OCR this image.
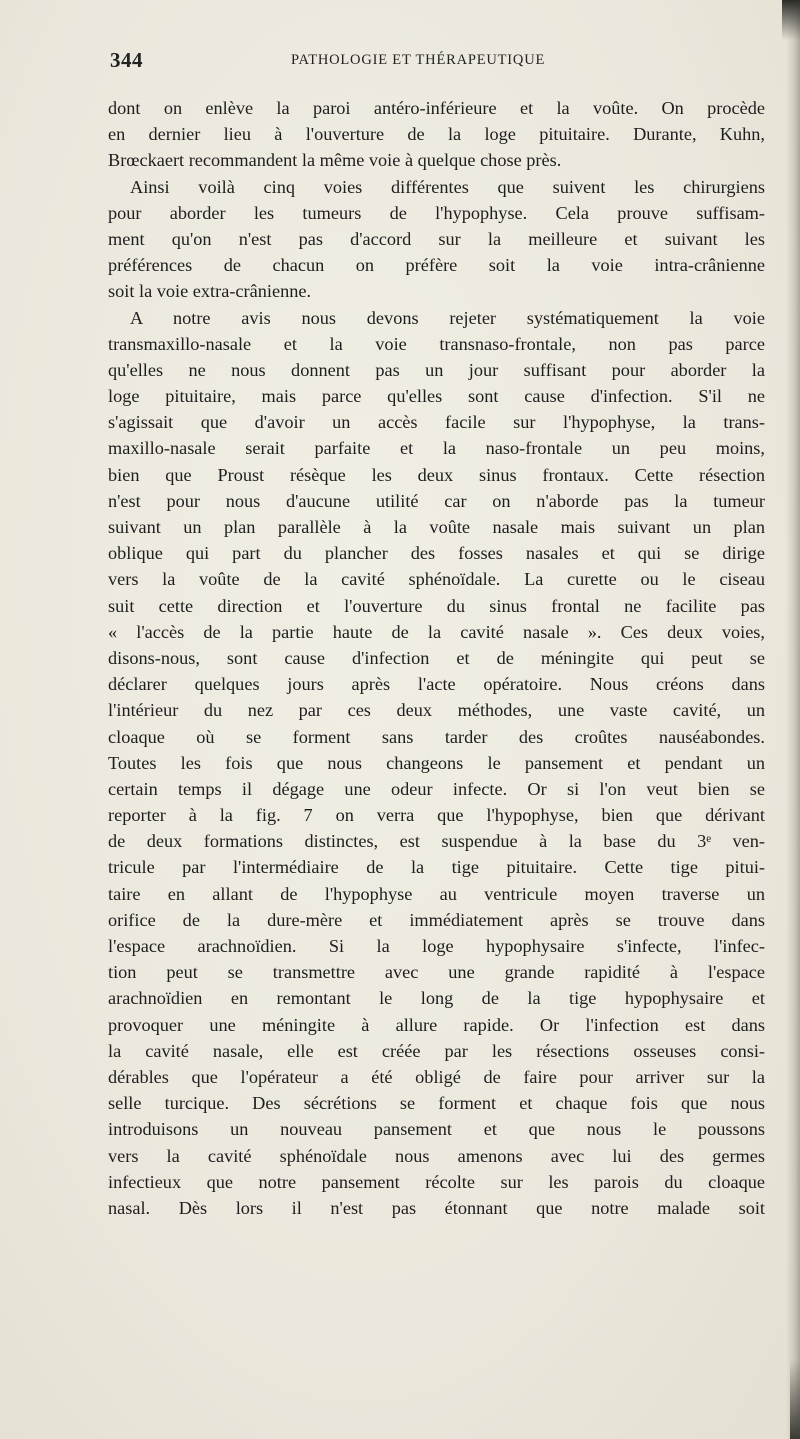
344	PATHOLOGIE ET THÉRAPEUTIQUE
dont on enlève la paroi antéro-inférieure et la voûte. On procède
en dernier lieu à l'ouverture de la loge pituitaire. Durante, Kuhn,
Brœckaert recommandent la même voie à quelque chose près.
Ainsi voilà cinq voies différentes que suivent les chirurgiens
pour aborder les tumeurs de l'hypophyse. Cela prouve suffisam-
ment qu'on n'est pas d'accord sur la meilleure et suivant les
préférences de chacun on préfère soit la voie intra-crânienne
soit la voie extra-crânienne.
A notre avis nous devons rejeter systématiquement la voie
transmaxillo-nasale et la voie transnaso-frontale, non pas parce
qu'elles ne nous donnent pas un jour suffisant pour aborder la
loge pituitaire, mais parce qu'elles sont cause d'infection. S'il ne
s'agissait que d'avoir un accès facile sur l'hypophyse, la trans-
maxillo-nasale serait parfaite et la naso-frontale un peu moins,
bien que Proust résèque les deux sinus frontaux. Cette résection
n'est pour nous d'aucune utilité car on n'aborde pas la tumeur
suivant un plan parallèle à la voûte nasale mais suivant un plan
oblique qui part du plancher des fosses nasales et qui se dirige
vers la voûte de la cavité sphénoïdale. La curette ou le ciseau
suit cette direction et l'ouverture du sinus frontal ne facilite pas
« l'accès de la partie haute de la cavité nasale ». Ces deux voies,
disons-nous, sont cause d'infection et de méningite qui peut se
déclarer quelques jours après l'acte opératoire. Nous créons dans
l'intérieur du nez par ces deux méthodes, une vaste cavité, un
cloaque où se forment sans tarder des croûtes nauséabondes.
Toutes les fois que nous changeons le pansement et pendant un
certain temps il dégage une odeur infecte. Or si l'on veut bien se
reporter à la fig. 7 on verra que l'hypophyse, bien que dérivant
de deux formations distinctes, est suspendue à la base du 3ᵉ ven-
tricule par l'intermédiaire de la tige pituitaire. Cette tige pitui-
taire en allant de l'hypophyse au ventricule moyen traverse un
orifice de la dure-mère et immédiatement après se trouve dans
l'espace arachnoïdien. Si la loge hypophysaire s'infecte, l'infec-
tion peut se transmettre avec une grande rapidité à l'espace
arachnoïdien en remontant le long de la tige hypophysaire et
provoquer une méningite à allure rapide. Or l'infection est dans
la cavité nasale, elle est créée par les résections osseuses consi-
dérables que l'opérateur a été obligé de faire pour arriver sur la
selle turcique. Des sécrétions se forment et chaque fois que nous
introduisons un nouveau pansement et que nous le poussons
vers la cavité sphénoïdale nous amenons avec lui des germes
infectieux que notre pansement récolte sur les parois du cloaque
nasal. Dès lors il n'est pas étonnant que notre malade soit
